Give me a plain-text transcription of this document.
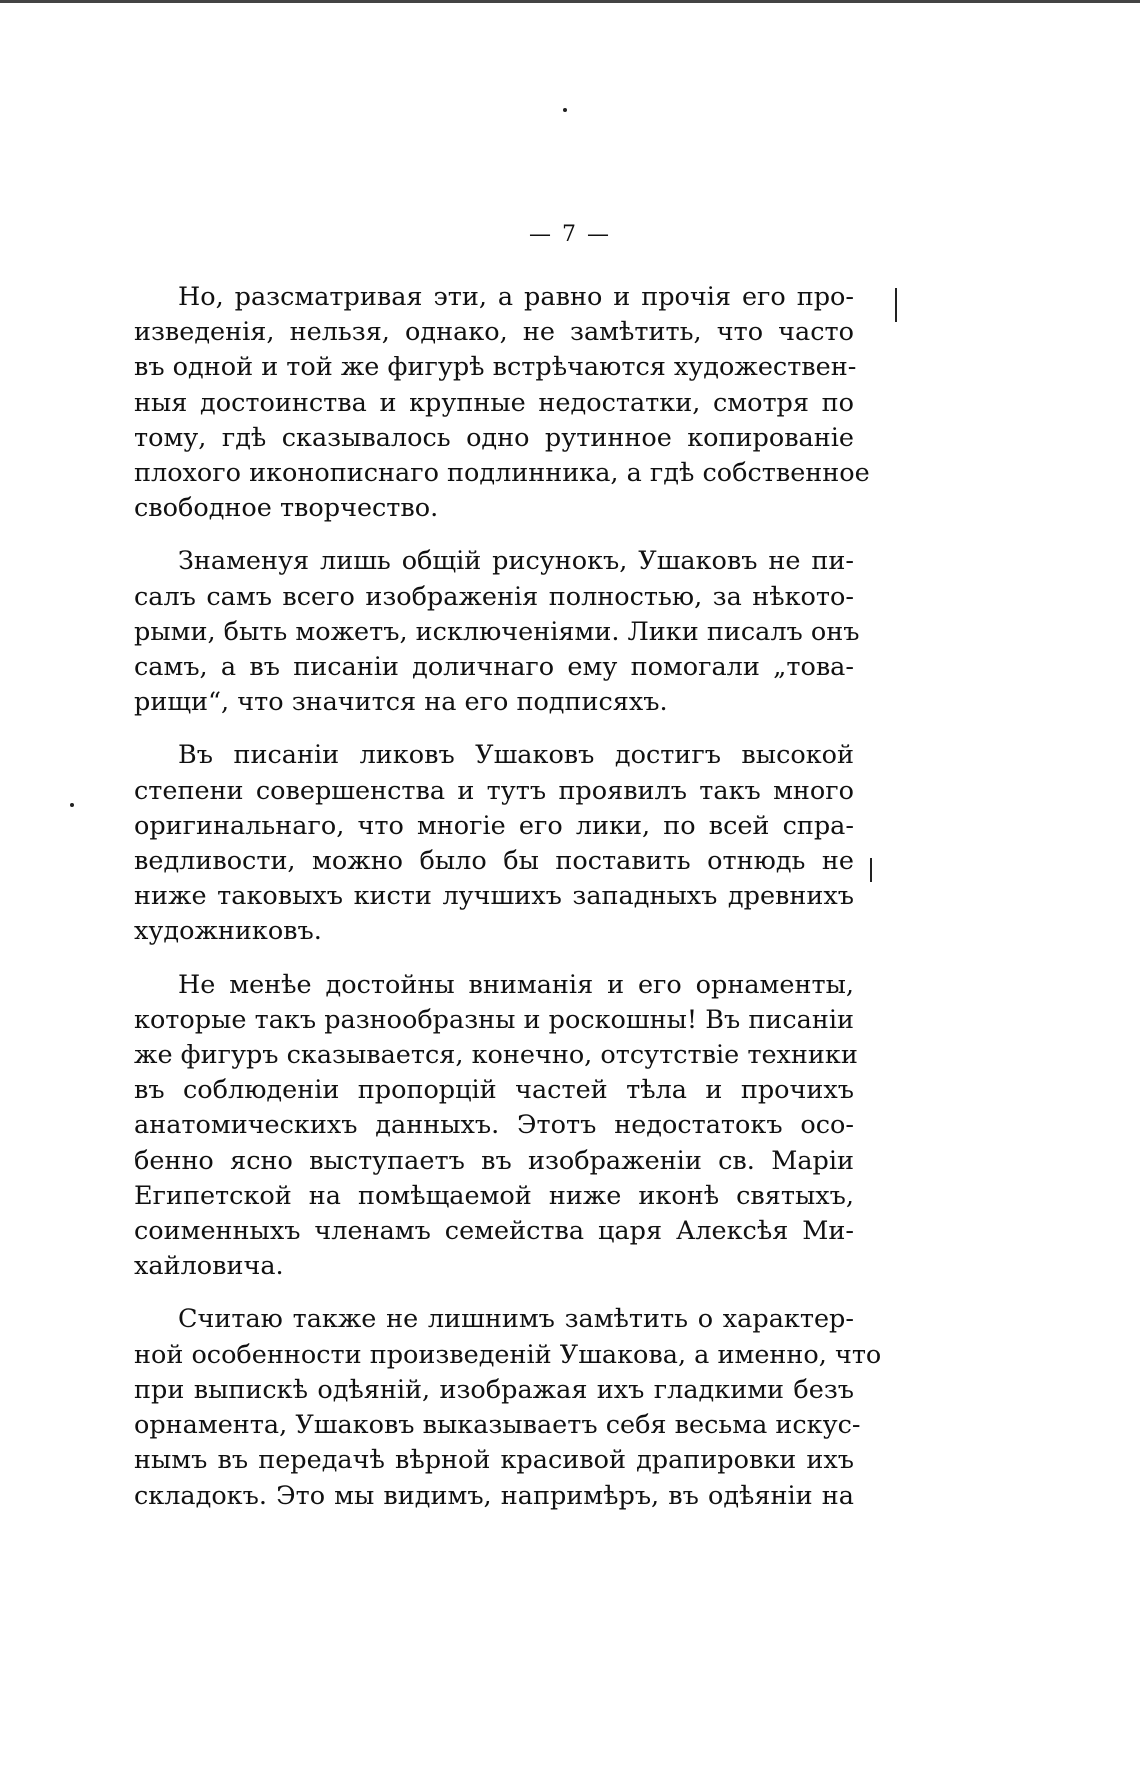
— 7 —
Но, разсматривая эти, а равно и прочія его про-
изведенія, нельзя, однако, не замѣтить, что часто
въ одной и той же фигурѣ встрѣчаются художествен-
ныя достоинства и крупные недостатки, смотря по
тому, гдѣ сказывалось одно рутинное копированіе
плохого иконописнаго подлинника, а гдѣ собственное
свободное творчество.
Знаменуя лишь общій рисунокъ, Ушаковъ не пи-
салъ самъ всего изображенія полностью, за нѣкото-
рыми, быть можетъ, исключеніями. Лики писалъ онъ
самъ, а въ писаніи доличнаго ему помогали „това-
рищи“, что значится на его подписяхъ.
Въ писаніи ликовъ Ушаковъ достигъ высокой
степени совершенства и тутъ проявилъ такъ много
оригинальнаго, что многіе его лики, по всей спра-
ведливости, можно было бы поставить отнюдь не
ниже таковыхъ кисти лучшихъ западныхъ древнихъ
художниковъ.
Не менѣе достойны вниманія и его орнаменты,
которые такъ разнообразны и роскошны! Въ писаніи
же фигуръ сказывается, конечно, отсутствіе техники
въ соблюденіи пропорцій частей тѣла и прочихъ
анатомическихъ данныхъ. Этотъ недостатокъ осо-
бенно ясно выступаетъ въ изображеніи св. Маріи
Египетской на помѣщаемой ниже иконѣ святыхъ,
соименныхъ членамъ семейства царя Алексѣя Ми-
хайловича.
Считаю также не лишнимъ замѣтить о характер-
ной особенности произведеній Ушакова, а именно, что
при выпискѣ одѣяній, изображая ихъ гладкими безъ
орнамента, Ушаковъ выказываетъ себя весьма искус-
нымъ въ передачѣ вѣрной красивой драпировки ихъ
складокъ. Это мы видимъ, напримѣръ, въ одѣяніи на
